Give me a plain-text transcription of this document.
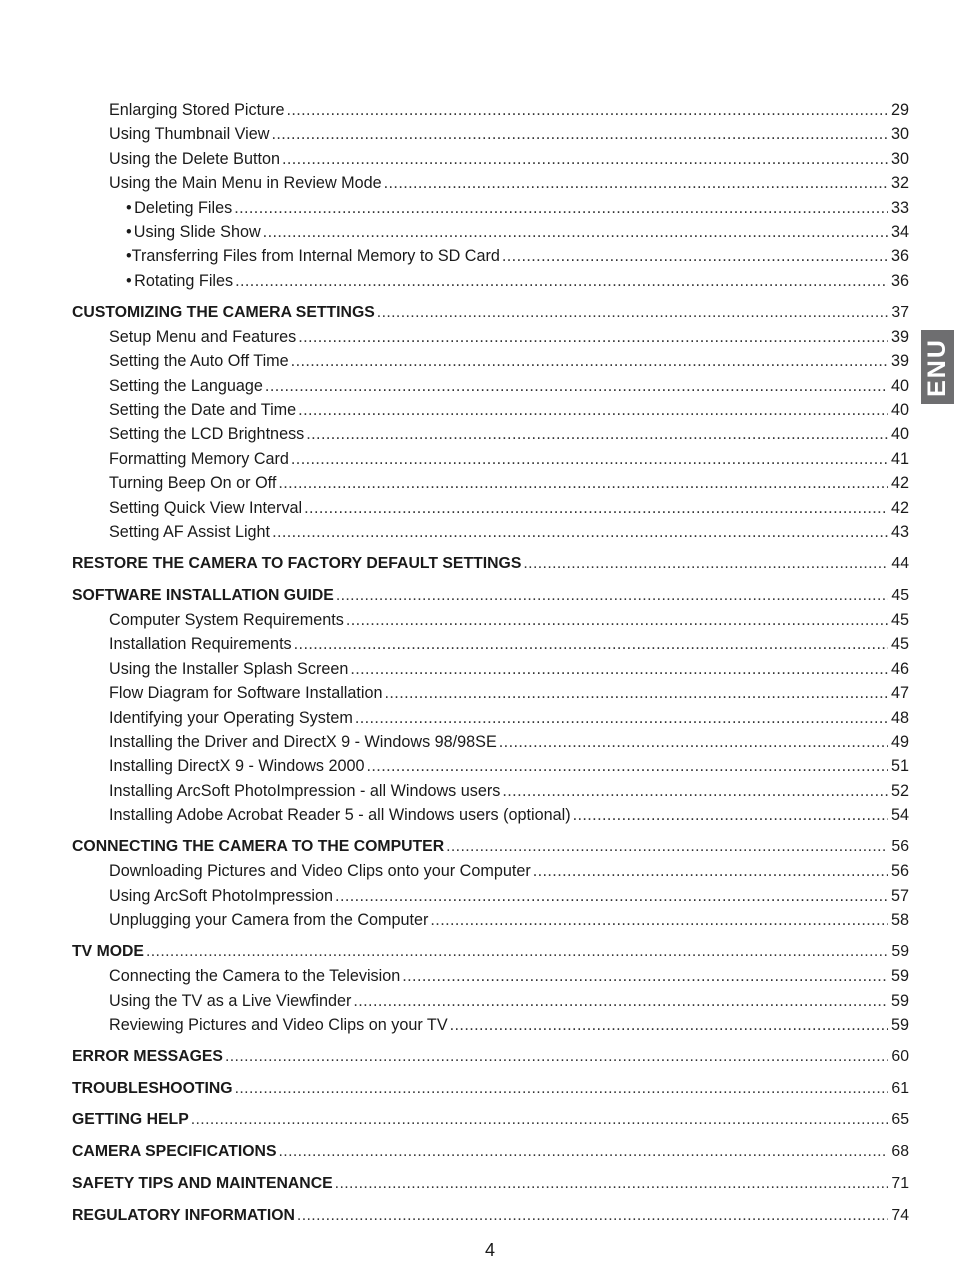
Enlarging Stored Picture .....	29
Using Thumbnail View .....	30
Using the Delete Button .....	30
Using the Main Menu in Review Mode .....	32
• Deleting Files .....	33
• Using Slide Show .....	34
• Transferring Files from Internal Memory to SD Card .....	36
• Rotating Files .....	36
CUSTOMIZING THE CAMERA SETTINGS .....	37
Setup Menu and Features .....	39
Setting the Auto Off Time .....	39
Setting the Language .....	40
Setting the Date and Time .....	40
Setting the LCD Brightness .....	40
Formatting Memory Card .....	41
Turning Beep On or Off .....	42
Setting Quick View Interval .....	42
Setting AF Assist Light .....	43
RESTORE THE CAMERA TO FACTORY DEFAULT SETTINGS .....	44
SOFTWARE INSTALLATION GUIDE .....	45
Computer System Requirements .....	45
Installation Requirements .....	45
Using the Installer Splash Screen .....	46
Flow Diagram for Software Installation .....	47
Identifying your Operating System .....	48
Installing the Driver and DirectX 9 - Windows 98/98SE .....	49
Installing DirectX 9 - Windows 2000 .....	51
Installing ArcSoft PhotoImpression - all Windows users .....	52
Installing Adobe Acrobat Reader 5 - all Windows users (optional) .....	54
CONNECTING THE CAMERA TO THE COMPUTER .....	56
Downloading Pictures and Video Clips onto your Computer .....	56
Using ArcSoft PhotoImpression .....	57
Unplugging your Camera from the Computer .....	58
TV MODE .....	59
Connecting the Camera to the Television .....	59
Using the TV as a Live Viewfinder .....	59
Reviewing Pictures and Video Clips on your TV .....	59
ERROR MESSAGES .....	60
TROUBLESHOOTING .....	61
GETTING HELP .....	65
CAMERA SPECIFICATIONS .....	68
SAFETY TIPS AND MAINTENANCE .....	71
REGULATORY INFORMATION .....	74
ENU
4
